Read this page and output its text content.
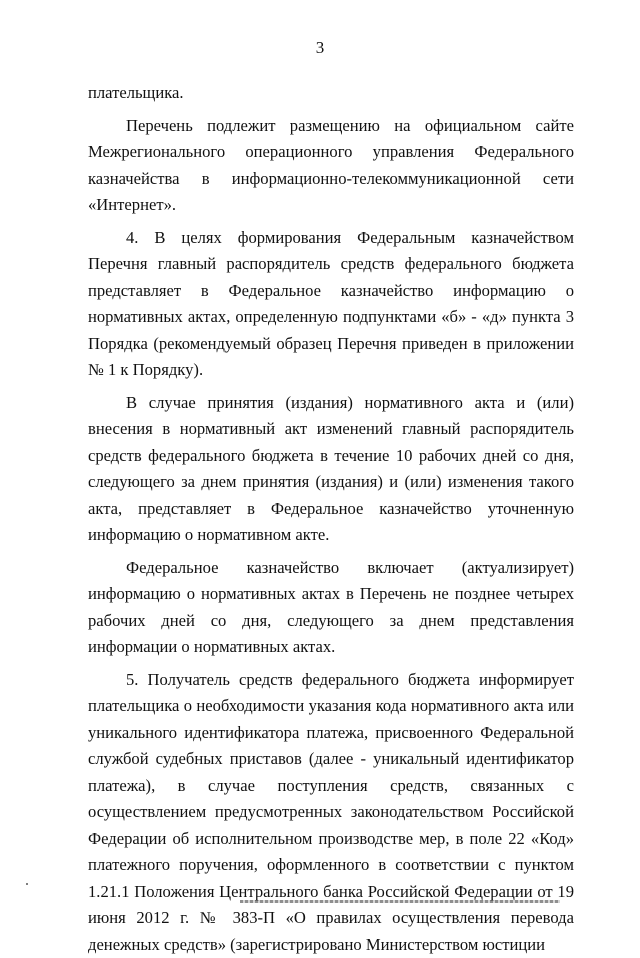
3

плательщика.

Перечень подлежит размещению на официальном сайте Межрегионального операционного управления Федерального казначейства в информационно-телекоммуникационной сети «Интернет».

4. В целях формирования Федеральным казначейством Перечня главный распорядитель средств федерального бюджета представляет в Федеральное казначейство информацию о нормативных актах, определенную подпунктами «б» - «д» пункта 3 Порядка (рекомендуемый образец Перечня приведен в приложении № 1 к Порядку).

В случае принятия (издания) нормативного акта и (или) внесения в нормативный акт изменений главный распорядитель средств федерального бюджета в течение 10 рабочих дней со дня, следующего за днем принятия (издания) и (или) изменения такого акта, представляет в Федеральное казначейство уточненную информацию о нормативном акте.

Федеральное казначейство включает (актуализирует) информацию о нормативных актах в Перечень не позднее четырех рабочих дней со дня, следующего за днем представления информации о нормативных актах.

5. Получатель средств федерального бюджета информирует плательщика о необходимости указания кода нормативного акта или уникального идентификатора платежа, присвоенного Федеральной службой судебных приставов (далее - уникальный идентификатор платежа), в случае поступления средств, связанных с осуществлением предусмотренных законодательством Российской Федерации об исполнительном производстве мер, в поле 22 «Код» платежного поручения, оформленного в соответствии с пунктом 1.21.1 Положения Центрального банка Российской Федерации от 19 июня 2012 г. № 383-П «О правилах осуществления перевода денежных средств» (зарегистрировано Министерством юстиции
